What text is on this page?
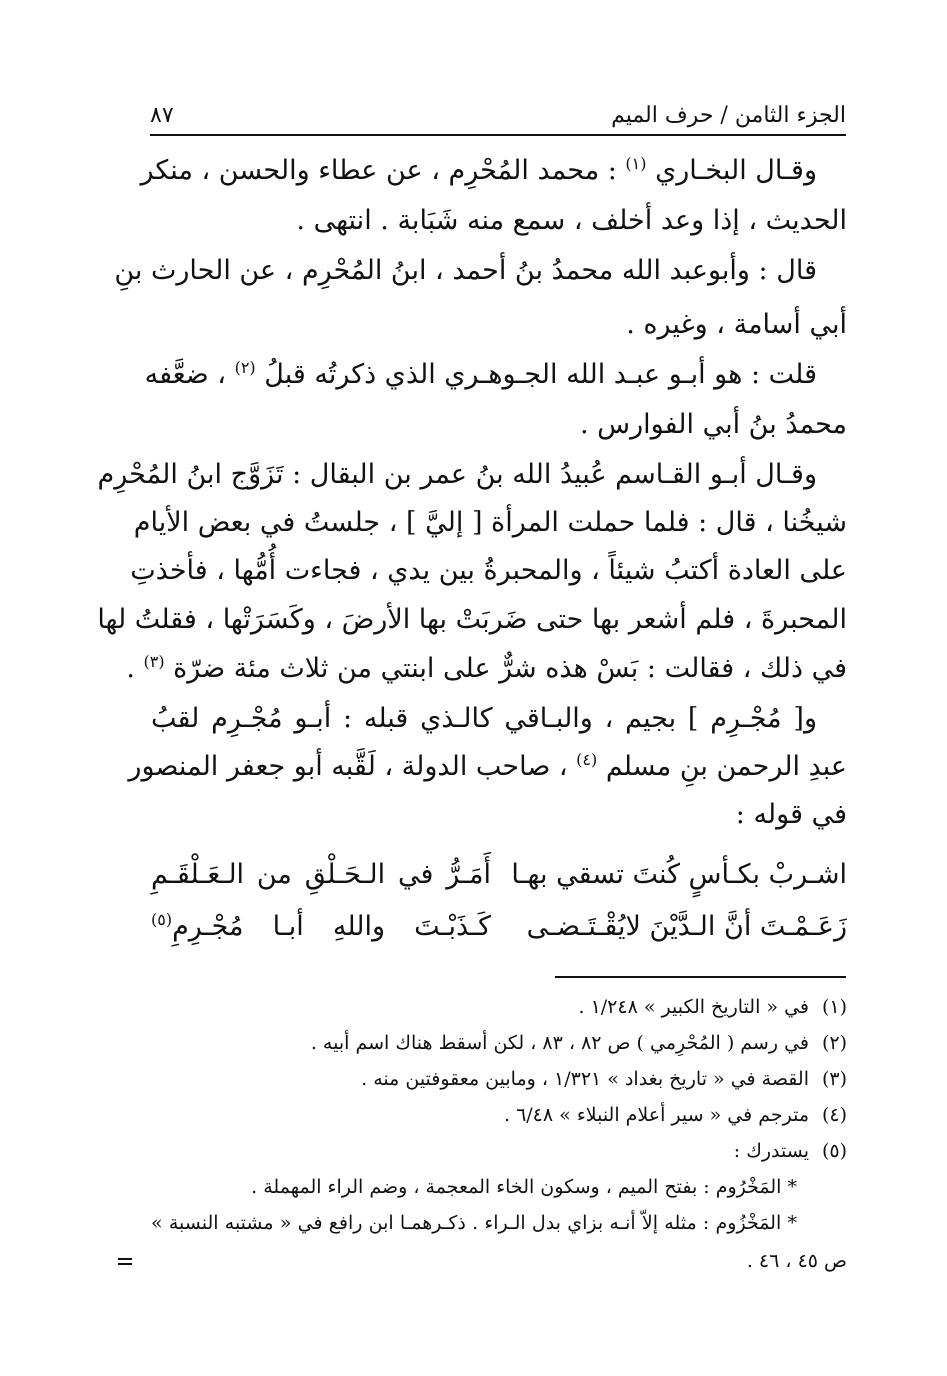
٨٧	الجزء الثامن / حرف الميم
وقـال البخـاري $^{(١)}$ : محمد المُحْرِم ، عن عطاء والحسن ، منكر
الحديث ، إذا وعد أخلف ، سمع منه شَبَابة . انتهى .
قال : وأبوعبد الله محمدُ بنُ أحمد ، ابنُ المُحْرِم ، عن الحارث بنِ
أبي أسامة ، وغيره .
قلت : هو أبـو عبـد الله الجـوهـري الذي ذكرتُه قبلُ $^{(٢)}$ ، ضعَّفه
محمدُ بنُ أبي الفوارس .
وقـال أبـو القـاسم عُبيدُ الله بنُ عمر بن البقال : تَزَوَّج ابنُ المُحْرِم
شيخُنا ، قال : فلما حملت المرأة [ إليَّ ] ، جلستُ في بعض الأيام
على العادة أكتبُ شيئاً ، والمحبرةُ بين يدي ، فجاءت أُمُّها ، فأخذتِ
المحبرةَ ، فلم أشعر بها حتى ضَربَتْ بها الأرضَ ، وكَسَرَتْها ، فقلتُ لها
في ذلك ، فقالت : بَسْ هذه شرٌّ على ابنتي من ثلاث مئة ضرّة $^{(٣)}$ .
و[ مُجْـرِم ] بجيم ، والبـاقي كالـذي قبله : أبـو مُجْـرِم لقبُ
عبدِ الرحمن بنِ مسلم $^{(٤)}$ ، صاحب الدولة ، لَقَّبه أبو جعفر المنصور
في قوله :
اشـربْ بكـأسٍ كُنتَ تسقي بهـا
أَمَـرُّ في الـحَـلْقِ من الـعَـلْقَـمِ
زَعَـمْـتَ أنَّ الـدَّيْنَ لايُقْـتَـضـى
كَـذَبْـتَ واللهِ أبـا مُجْـرِمِ$^{(٥)}$
(١)في « التاريخ الكبير » ١/٢٤٨ .
(٢)في رسم ( المُحْرِمي ) ص ٨٢ ، ٨٣ ، لكن أسقط هناك اسم أبيه .
(٣)القصة في « تاريخ بغداد » ١/٣٢١ ، ومابين معقوفتين منه .
(٤)مترجم في « سير أعلام النبلاء » ٦/٤٨ .
(٥)يستدرك :
* المَخْرُوم : بفتح الميم ، وسكون الخاء المعجمة ، وضم الراء المهملة .
* المَخْزُوم : مثله إلاّ أنـه بزاي بدل الـراء . ذكـرهمـا ابن رافع في « مشتبه النسبة »
ص ٤٥ ، ٤٦ .
